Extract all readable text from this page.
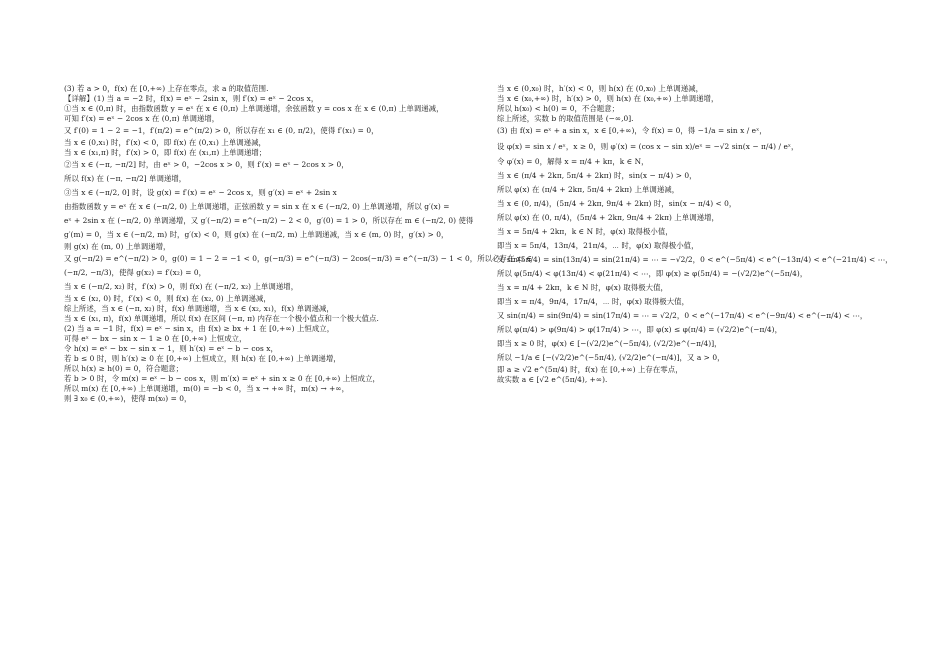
(3) 若 a > 0，f(x) 在 [0,+∞) 上存在零点，求 a 的取值范围.
【详解】(1) 当 a = −2 时，f(x) = eˣ − 2sin x，则 f′(x) = eˣ − 2cos x，
①当 x ∈ (0,π) 时，由指数函数 y = eˣ 在 x ∈ (0,π) 上单调递增，余弦函数 y = cos x 在 x ∈ (0,π) 上单调递减，
可知 f′(x) = eˣ − 2cos x 在 (0,π) 单调递增，
又 f′(0) = 1 − 2 = −1，f′(π/2) = e^(π/2) > 0，所以存在 x₁ ∈ (0, π/2)，使得 f′(x₁) = 0，
当 x ∈ (0,x₁) 时，f′(x) < 0，即 f(x) 在 (0,x₁) 上单调递减，
当 x ∈ (x₁,π) 时，f′(x) > 0，即 f(x) 在 (x₁,π) 上单调递增；
②当 x ∈ (−π, −π/2] 时，由 eˣ > 0，−2cos x > 0，则 f′(x) = eˣ − 2cos x > 0，
所以 f(x) 在 (−π, −π/2] 单调递增，
③当 x ∈ (−π/2, 0] 时，设 g(x) = f′(x) = eˣ − 2cos x，则 g′(x) = eˣ + 2sin x
由指数函数 y = eˣ 在 x ∈ (−π/2, 0) 上单调递增，正弦函数 y = sin x 在 x ∈ (−π/2, 0) 上单调递增，所以 g′(x) =
eˣ + 2sin x 在 (−π/2, 0) 单调递增，又 g′(−π/2) = e^(−π/2) − 2 < 0，g′(0) = 1 > 0，所以存在 m ∈ (−π/2, 0) 使得
g′(m) = 0，当 x ∈ (−π/2, m) 时，g′(x) < 0，则 g(x) 在 (−π/2, m) 上单调递减，当 x ∈ (m, 0) 时，g′(x) > 0，
则 g(x) 在 (m, 0) 上单调递增，
又 g(−π/2) = e^(−π/2) > 0，g(0) = 1 − 2 = −1 < 0，g(−π/3) = e^(−π/3) − 2cos(−π/3) = e^(−π/3) − 1 < 0，所以必存在 x₂ ∈
(−π/2, −π/3)，使得 g(x₂) = f′(x₂) = 0，
当 x ∈ (−π/2, x₂) 时，f′(x) > 0，则 f(x) 在 (−π/2, x₂) 上单调递增，
当 x ∈ (x₂, 0) 时，f′(x) < 0，则 f(x) 在 (x₂, 0) 上单调递减，
综上所述，当 x ∈ (−π, x₂) 时，f(x) 单调递增，当 x ∈ (x₂, x₁)，f(x) 单调递减，
当 x ∈ (x₁, π)，f(x) 单调递增，所以 f(x) 在区间 (−π, π) 内存在一个极小值点和一个极大值点.
(2) 当 a = −1 时，f(x) = eˣ − sin x，由 f(x) ≥ bx + 1 在 [0,+∞) 上恒成立，
可得 eˣ − bx − sin x − 1 ≥ 0 在 [0,+∞) 上恒成立，
令 h(x) = eˣ − bx − sin x − 1，则 h′(x) = eˣ − b − cos x，
若 b ≤ 0 时，则 h′(x) ≥ 0 在 [0,+∞) 上恒成立，则 h(x) 在 [0,+∞) 上单调递增，
所以 h(x) ≥ h(0) = 0，符合题意；
若 b > 0 时，令 m(x) = eˣ − b − cos x，则 m′(x) = eˣ + sin x ≥ 0 在 [0,+∞) 上恒成立，
所以 m(x) 在 [0,+∞) 上单调递增，m(0) = −b < 0，当 x → +∞ 时，m(x) → +∞，
则 ∃ x₀ ∈ (0,+∞)，使得 m(x₀) = 0，
当 x ∈ (0,x₀) 时，h′(x) < 0，则 h(x) 在 (0,x₀) 上单调递减，
当 x ∈ (x₀,+∞) 时，h′(x) > 0，则 h(x) 在 (x₀,+∞) 上单调递增，
所以 h(x₀) < h(0) = 0，不合题意；
综上所述，实数 b 的取值范围是 (−∞,0].
(3) 由 f(x) = eˣ + a sin x，x ∈ [0,+∞)，令 f(x) = 0，得 −1/a = sin x / eˣ，
设 φ(x) = sin x / eˣ，x ≥ 0，则 φ′(x) = (cos x − sin x)/eˣ = −√2 sin(x − π/4) / eˣ，
令 φ′(x) = 0，解得 x = π/4 + kπ，k ∈ N，
当 x ∈ (π/4 + 2kπ, 5π/4 + 2kπ) 时，sin(x − π/4) > 0，
所以 φ(x) 在 (π/4 + 2kπ, 5π/4 + 2kπ) 上单调递减，
当 x ∈ (0, π/4)，(5π/4 + 2kπ, 9π/4 + 2kπ) 时，sin(x − π/4) < 0，
所以 φ(x) 在 (0, π/4)，(5π/4 + 2kπ, 9π/4 + 2kπ) 上单调递增，
当 x = 5π/4 + 2kπ，k ∈ N 时，φ(x) 取得极小值，
即当 x = 5π/4，13π/4，21π/4，⋯ 时，φ(x) 取得极小值，
又 sin(5π/4) = sin(13π/4) = sin(21π/4) = ⋯ = −√2/2，0 < e^(−5π/4) < e^(−13π/4) < e^(−21π/4) < ⋯，
所以 φ(5π/4) < φ(13π/4) < φ(21π/4) < ⋯，即 φ(x) ≥ φ(5π/4) = −(√2/2)e^(−5π/4)，
当 x = π/4 + 2kπ，k ∈ N 时，φ(x) 取得极大值，
即当 x = π/4，9π/4，17π/4，⋯ 时，φ(x) 取得极大值，
又 sin(π/4) = sin(9π/4) = sin(17π/4) = ⋯ = √2/2，0 < e^(−17π/4) < e^(−9π/4) < e^(−π/4) < ⋯，
所以 φ(π/4) > φ(9π/4) > φ(17π/4) > ⋯，即 φ(x) ≤ φ(π/4) = (√2/2)e^(−π/4)，
即当 x ≥ 0 时，φ(x) ∈ [−(√2/2)e^(−5π/4), (√2/2)e^(−π/4)]，
所以 −1/a ∈ [−(√2/2)e^(−5π/4), (√2/2)e^(−π/4)]，又 a > 0，
即 a ≥ √2 e^(5π/4) 时，f(x) 在 [0,+∞) 上存在零点，
故实数 a ∈ [√2 e^(5π/4), +∞).
